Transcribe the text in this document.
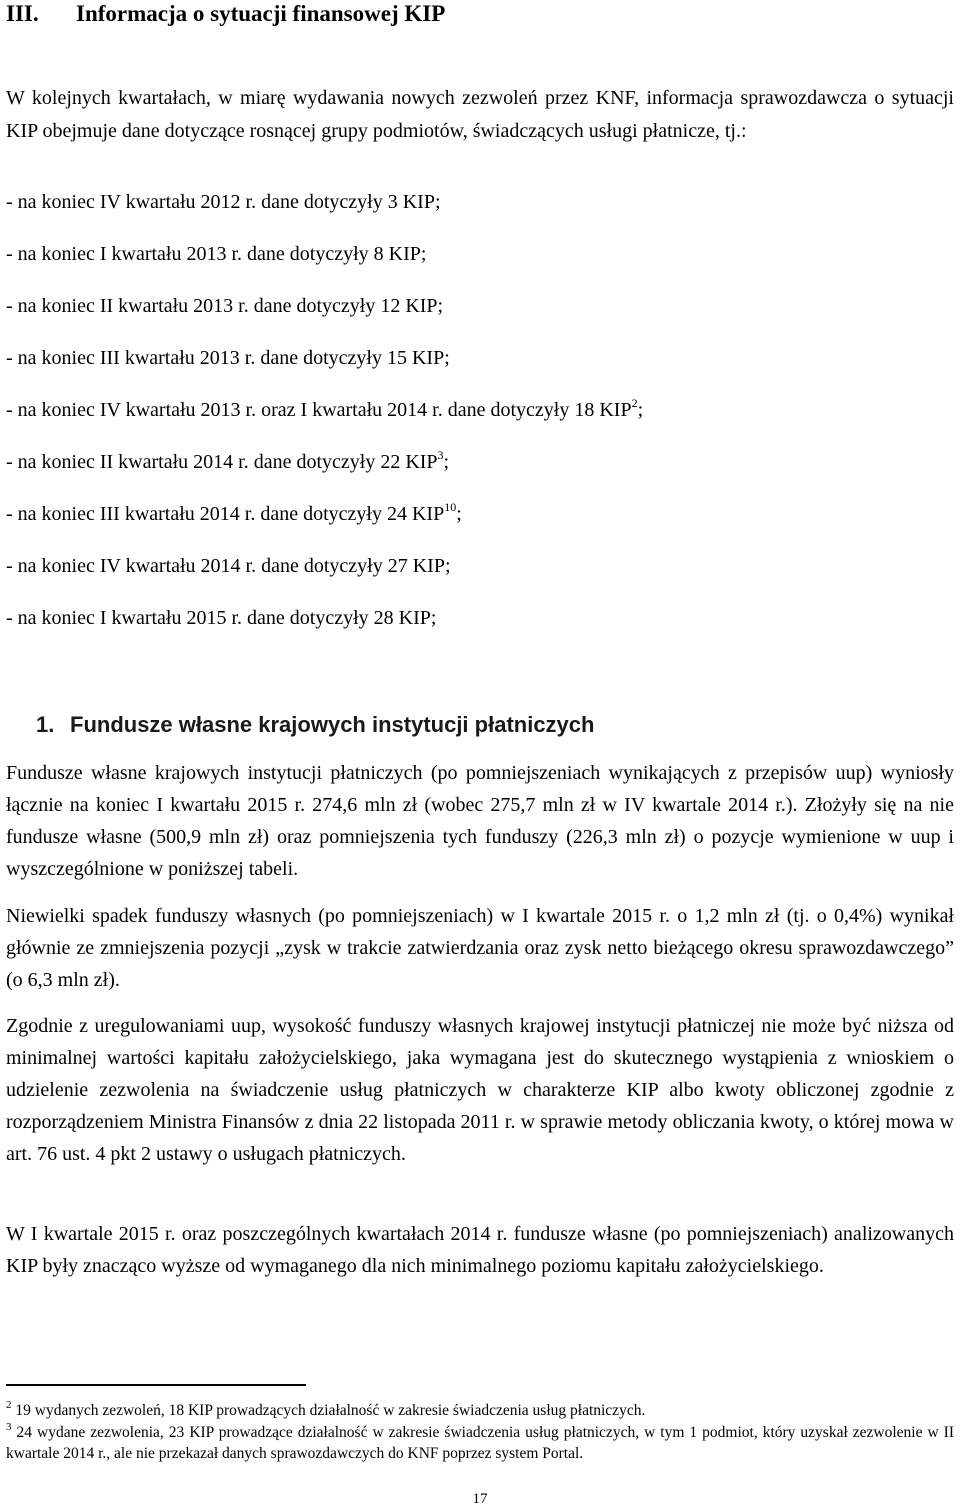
III. Informacja o sytuacji finansowej KIP

W kolejnych kwartałach, w miarę wydawania nowych zezwoleń przez KNF, informacja sprawozdawcza o sytuacji KIP obejmuje dane dotyczące rosnącej grupy podmiotów, świadczących usługi płatnicze, tj.:

- na koniec IV kwartału 2012 r. dane dotyczyły 3 KIP;
- na koniec I kwartału 2013 r. dane dotyczyły 8 KIP;
- na koniec II kwartału 2013 r. dane dotyczyły 12 KIP;
- na koniec III kwartału 2013 r. dane dotyczyły 15 KIP;
- na koniec IV kwartału 2013 r. oraz I kwartału 2014 r. dane dotyczyły 18 KIP$^2$;
- na koniec II kwartału 2014 r. dane dotyczyły 22 KIP$^3$;
- na koniec III kwartału 2014 r. dane dotyczyły 24 KIP$^{10}$;
- na koniec IV kwartału 2014 r. dane dotyczyły 27 KIP;
- na koniec I kwartału 2015 r. dane dotyczyły 28 KIP;
1. Fundusze własne krajowych instytucji płatniczych

Fundusze własne krajowych instytucji płatniczych (po pomniejszeniach wynikających z przepisów uup) wyniosły łącznie na koniec I kwartału 2015 r. 274,6 mln zł (wobec 275,7 mln zł w IV kwartale 2014 r.). Złożyły się na nie fundusze własne (500,9 mln zł) oraz pomniejszenia tych funduszy (226,3 mln zł) o pozycje wymienione w uup i wyszczególnione w poniższej tabeli.

Niewielki spadek funduszy własnych (po pomniejszeniach) w I kwartale 2015 r. o 1,2 mln zł (tj. o 0,4%) wynikał głównie ze zmniejszenia pozycji „zysk w trakcie zatwierdzania oraz zysk netto bieżącego okresu sprawozdawczego” (o 6,3 mln zł).

Zgodnie z uregulowaniami uup, wysokość funduszy własnych krajowej instytucji płatniczej nie może być niższa od minimalnej wartości kapitału założycielskiego, jaka wymagana jest do skutecznego wystąpienia z wnioskiem o udzielenie zezwolenia na świadczenie usług płatniczych w charakterze KIP albo kwoty obliczonej zgodnie z rozporządzeniem Ministra Finansów z dnia 22 listopada 2011 r. w sprawie metody obliczania kwoty, o której mowa w art. 76 ust. 4 pkt 2 ustawy o usługach płatniczych.

W I kwartale 2015 r. oraz poszczególnych kwartałach 2014 r. fundusze własne (po pomniejszeniach) analizowanych KIP były znacząco wyższe od wymaganego dla nich minimalnego poziomu kapitału założycielskiego.

$^2$ 19 wydanych zezwoleń, 18 KIP prowadzących działalność w zakresie świadczenia usług płatniczych.

$^3$ 24 wydane zezwolenia, 23 KIP prowadzące działalność w zakresie świadczenia usług płatniczych, w tym 1 podmiot, który uzyskał zezwolenie w II kwartale 2014 r., ale nie przekazał danych sprawozdawczych do KNF poprzez system Portal.

17
